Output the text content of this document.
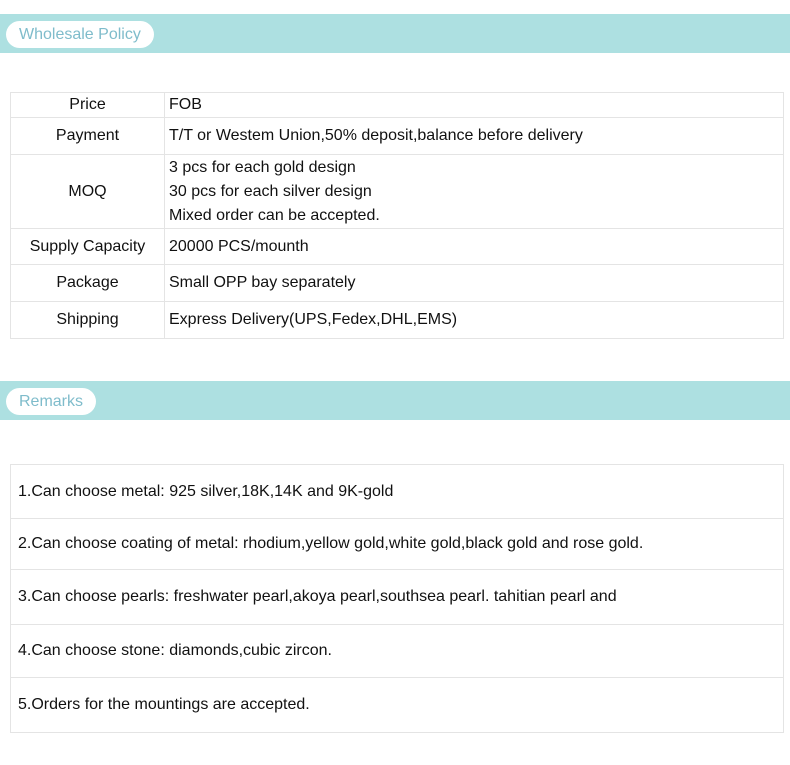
Wholesale Policy
Price	FOB

Payment	T/T or Westem Union,50% deposit,balance before delivery

MOQ	3 pcs for each gold design
30 pcs for each silver design
Mixed order can be accepted.

Supply Capacity	20000 PCS/mounth

Package	Small OPP bay separately

Shipping	Express Delivery(UPS,Fedex,DHL,EMS)
Remarks
1.Can choose metal: 925 silver,18K,14K and 9K-gold
2.Can choose coating of metal: rhodium,yellow gold,white gold,black gold and rose gold.
3.Can choose pearls: freshwater pearl,akoya pearl,southsea pearl. tahitian pearl and
4.Can choose stone: diamonds,cubic zircon.
5.Orders for the mountings are accepted.
